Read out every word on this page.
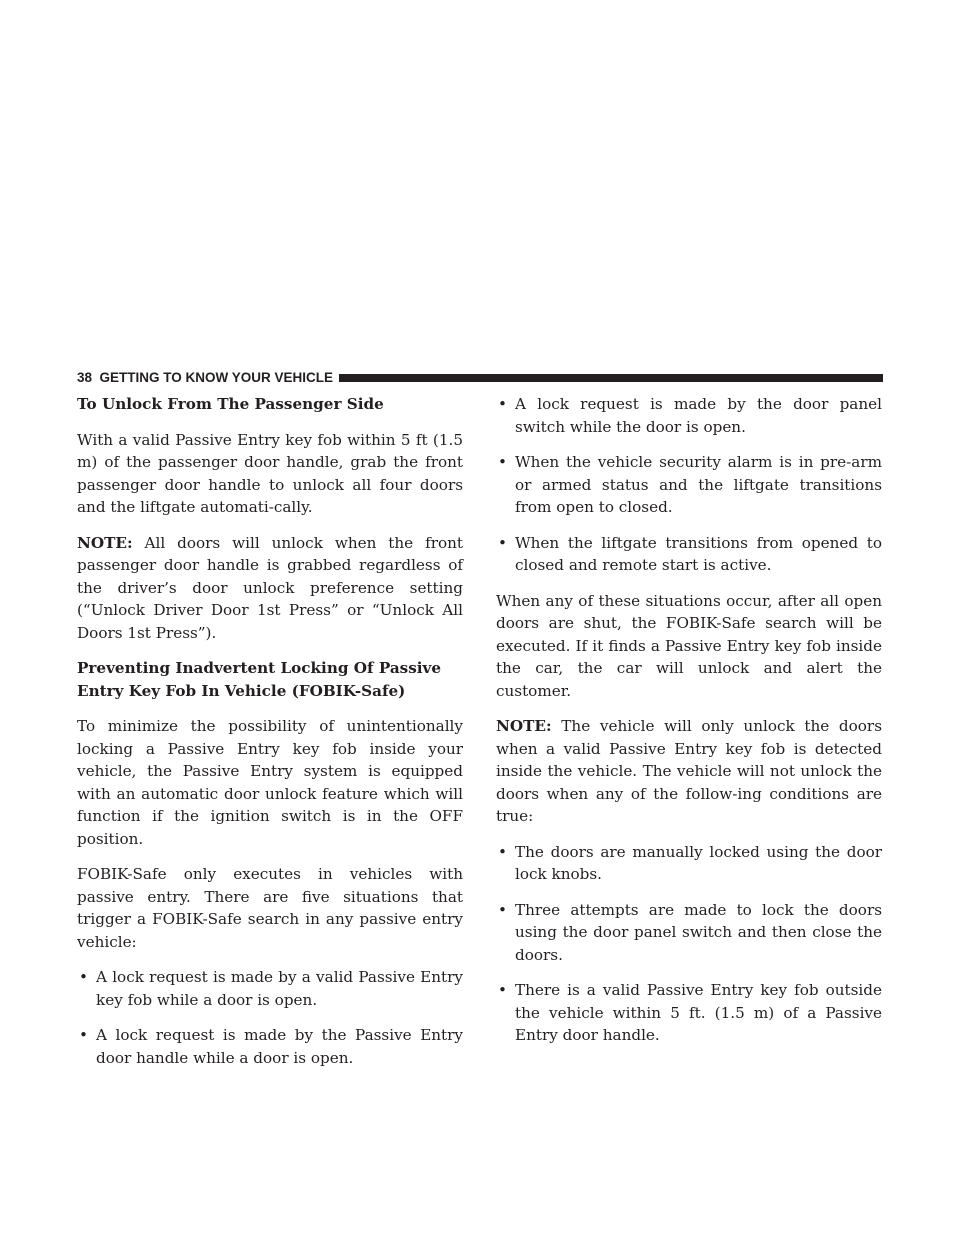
38 GETTING TO KNOW YOUR VEHICLE
To Unlock From The Passenger Side

With a valid Passive Entry key fob within 5 ft (1.5 m) of the passenger door handle, grab the front passenger door handle to unlock all four doors and the liftgate automati-cally.

NOTE: All doors will unlock when the front passenger door handle is grabbed regardless of the driver’s door unlock preference setting (“Unlock Driver Door 1st Press” or “Unlock All Doors 1st Press”).

Preventing Inadvertent Locking Of Passive Entry Key Fob In Vehicle (FOBIK-Safe)

To minimize the possibility of unintentionally locking a Passive Entry key fob inside your vehicle, the Passive Entry system is equipped with an automatic door unlock feature which will function if the ignition switch is in the OFF position.

FOBIK-Safe only executes in vehicles with passive entry. There are five situations that trigger a FOBIK-Safe search in any passive entry vehicle:

• A lock request is made by a valid Passive Entry key fob while a door is open.
• A lock request is made by the Passive Entry door handle while a door is open.
• A lock request is made by the door panel switch while the door is open.
• When the vehicle security alarm is in pre-arm or armed status and the liftgate transitions from open to closed.
• When the liftgate transitions from opened to closed and remote start is active.

When any of these situations occur, after all open doors are shut, the FOBIK-Safe search will be executed. If it finds a Passive Entry key fob inside the car, the car will unlock and alert the customer.

NOTE: The vehicle will only unlock the doors when a valid Passive Entry key fob is detected inside the vehicle. The vehicle will not unlock the doors when any of the follow-ing conditions are true:

• The doors are manually locked using the door lock knobs.
• Three attempts are made to lock the doors using the door panel switch and then close the doors.
• There is a valid Passive Entry key fob outside the vehicle within 5 ft. (1.5 m) of a Passive Entry door handle.
